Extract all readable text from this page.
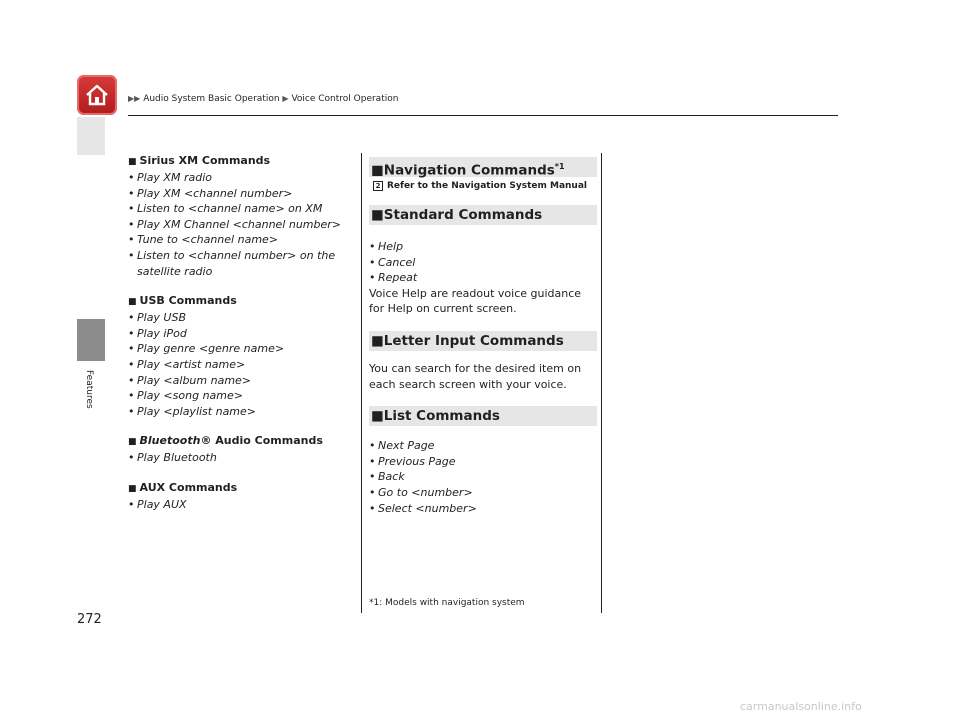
▶▶ Audio System Basic Operation ▶ Voice Control Operation
Features
272

■ Sirius XM Commands

• Play XM radio
• Play XM <channel number>
• Listen to <channel name> on XM
• Play XM Channel <channel number>
• Tune to <channel name>
• Listen to <channel number> on the satellite radio

■ USB Commands

• Play USB
• Play iPod
• Play genre <genre name>
• Play <artist name>
• Play <album name>
• Play <song name>
• Play <playlist name>

■ Bluetooth® Audio Commands

• Play Bluetooth

■ AUX Commands

• Play AUX
■Navigation Commands$^{*1}$
2 Refer to the Navigation System Manual
■Standard Commands
• Help
• Cancel
• Repeat

Voice Help are readout voice guidance for Help on current screen.

■Letter Input Commands

You can search for the desired item on each search screen with your voice.

■List Commands
• Next Page
• Previous Page
• Back
• Go to <number>
• Select <number>
*1: Models with navigation system
carmanualsonline.info
